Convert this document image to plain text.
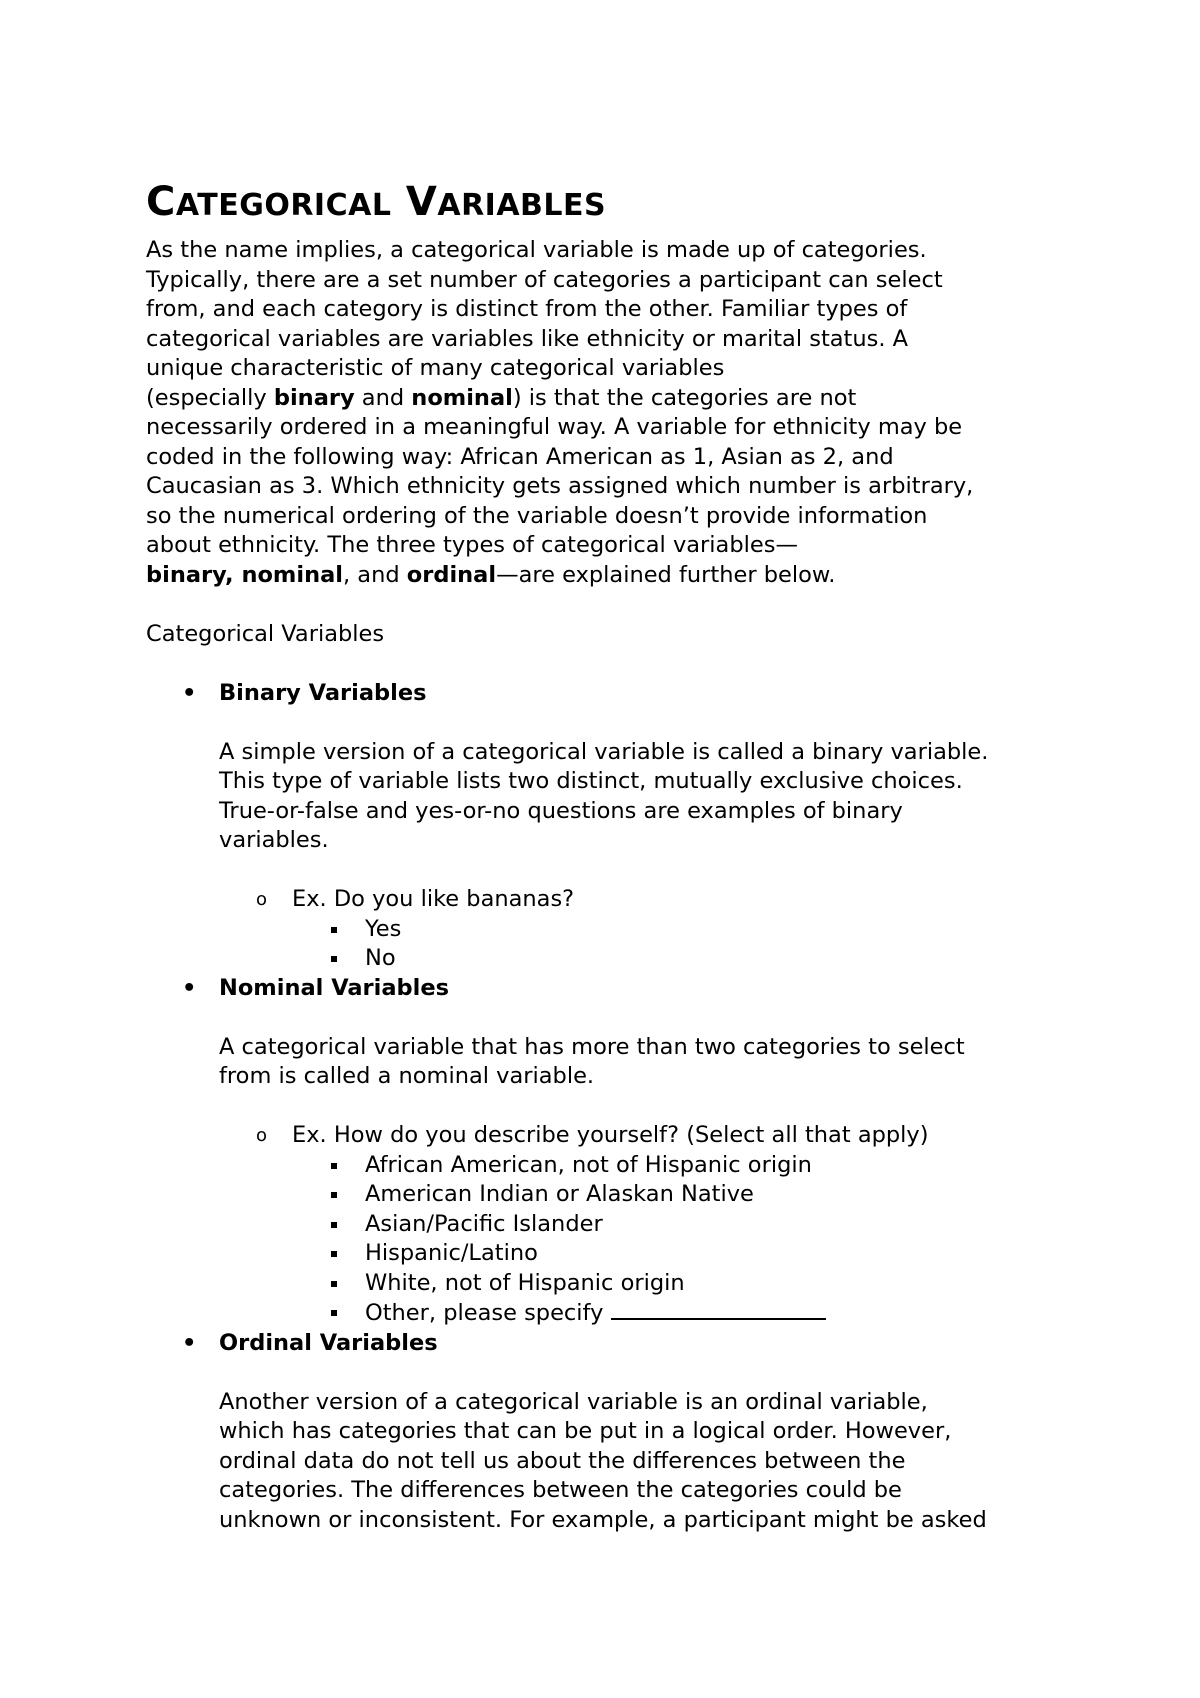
CATEGORICAL VARIABLES
As the name implies, a categorical variable is made up of categories.
Typically, there are a set number of categories a participant can select
from, and each category is distinct from the other. Familiar types of
categorical variables are variables like ethnicity or marital status. A
unique characteristic of many categorical variables
(especially binary and nominal) is that the categories are not
necessarily ordered in a meaningful way. A variable for ethnicity may be
coded in the following way: African American as 1, Asian as 2, and
Caucasian as 3. Which ethnicity gets assigned which number is arbitrary,
so the numerical ordering of the variable doesn’t provide information
about ethnicity. The three types of categorical variables—
binary, nominal, and ordinal—are explained further below.
Categorical Variables
• Binary Variables
A simple version of a categorical variable is called a binary variable.
This type of variable lists two distinct, mutually exclusive choices.
True-or-false and yes-or-no questions are examples of binary
variables.
o Ex. Do you like bananas?
Yes
No
• Nominal Variables
A categorical variable that has more than two categories to select
from is called a nominal variable.
o Ex. How do you describe yourself? (Select all that apply)
African American, not of Hispanic origin
American Indian or Alaskan Native
Asian/Pacific Islander
Hispanic/Latino
White, not of Hispanic origin
Other, please specify
• Ordinal Variables
Another version of a categorical variable is an ordinal variable,
which has categories that can be put in a logical order. However,
ordinal data do not tell us about the differences between the
categories. The differences between the categories could be
unknown or inconsistent. For example, a participant might be asked
